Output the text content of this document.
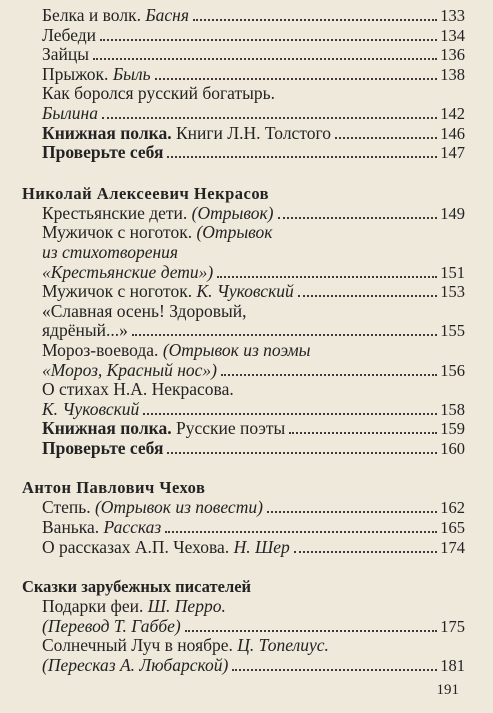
Белка и волк. Басня	133
Лебеди	134
Зайцы	136
Прыжок. Быль	138
Как боролся русский богатырь.
Былина	142
Книжная полка. Книги Л.Н. Толстого	146
Проверьте себя	147
Николай Алексеевич Некрасов
Крестьянские дети. (Отрывок)	149
Мужичок с ноготок. (Отрывок
из стихотворения
«Крестьянские дети»)	151
Мужичок с ноготок. К. Чуковский	153
«Славная осень! Здоровый,
ядрёный...»	155
Мороз-воевода. (Отрывок из поэмы
«Мороз, Красный нос»)	156
О стихах Н.А. Некрасова.
К. Чуковский	158
Книжная полка. Русские поэты	159
Проверьте себя	160
Антон Павлович Чехов
Степь. (Отрывок из повести)	162
Ванька. Рассказ	165
О рассказах А.П. Чехова. Н. Шер	174
Сказки зарубежных писателей
Подарки феи. Ш. Перро.
(Перевод Т. Габбе)	175
Солнечный Луч в ноябре. Ц. Топелиус.
(Пересказ А. Любарской)	181
191
